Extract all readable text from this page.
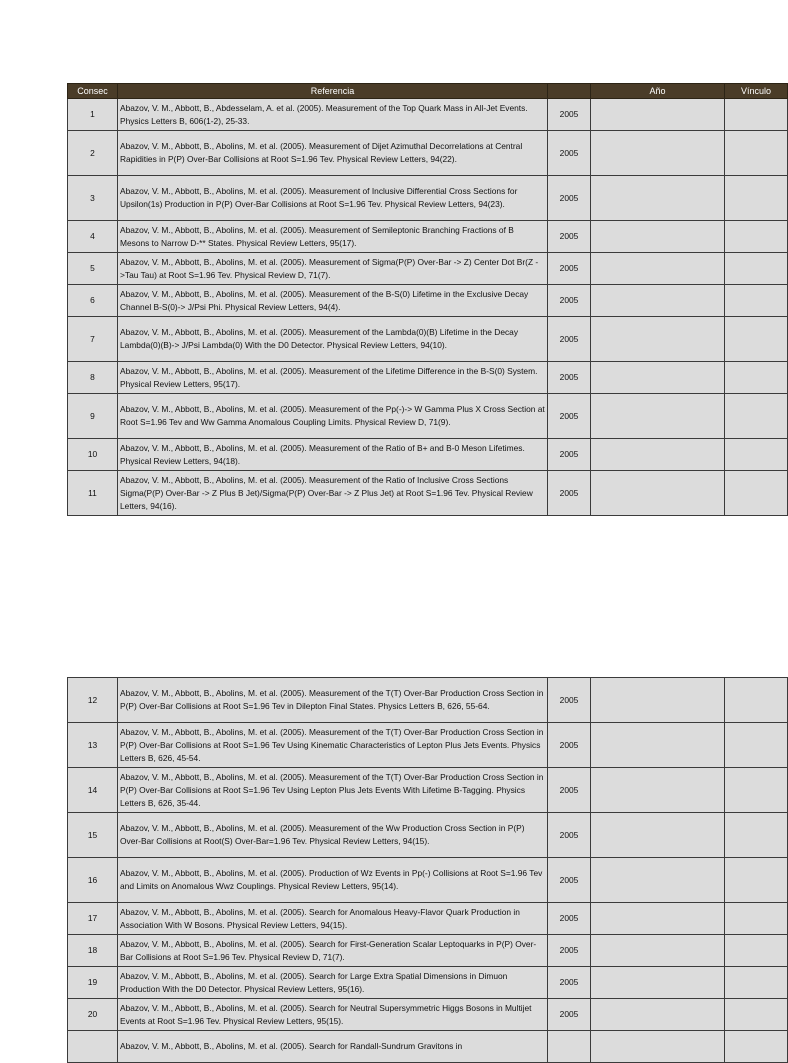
Consec	Referencia		Año	Vínculo
1	Abazov, V. M., Abbott, B., Abdesselam, A. et al. (2005). Measurement of the Top Quark Mass in All-Jet Events. Physics Letters B, 606(1-2), 25-33.	2005		
2	Abazov, V. M., Abbott, B., Abolins, M. et al. (2005). Measurement of Dijet Azimuthal Decorrelations at Central Rapidities in P(P) Over-Bar Collisions at Root S=1.96 Tev. Physical Review Letters, 94(22).	2005		
3	Abazov, V. M., Abbott, B., Abolins, M. et al. (2005). Measurement of Inclusive Differential Cross Sections for Upsilon(1s) Production in P(P) Over-Bar Collisions at Root S=1.96 Tev. Physical Review Letters, 94(23).	2005		
4	Abazov, V. M., Abbott, B., Abolins, M. et al. (2005). Measurement of Semileptonic Branching Fractions of B Mesons to Narrow D-** States. Physical Review Letters, 95(17).	2005		
5	Abazov, V. M., Abbott, B., Abolins, M. et al. (2005). Measurement of Sigma(P(P) Over-Bar -> Z) Center Dot Br(Z ->Tau Tau) at Root S=1.96 Tev. Physical Review D, 71(7).	2005		
6	Abazov, V. M., Abbott, B., Abolins, M. et al. (2005). Measurement of the B-S(0) Lifetime in the Exclusive Decay Channel B-S(0)-> J/Psi Phi. Physical Review Letters, 94(4).	2005		
7	Abazov, V. M., Abbott, B., Abolins, M. et al. (2005). Measurement of the Lambda(0)(B) Lifetime in the Decay Lambda(0)(B)-> J/Psi Lambda(0) With the D0 Detector. Physical Review Letters, 94(10).	2005		
8	Abazov, V. M., Abbott, B., Abolins, M. et al. (2005). Measurement of the Lifetime Difference in the B-S(0) System. Physical Review Letters, 95(17).	2005		
9	Abazov, V. M., Abbott, B., Abolins, M. et al. (2005). Measurement of the Pp(-)-> W Gamma Plus X Cross Section at Root S=1.96 Tev and Ww Gamma Anomalous Coupling Limits. Physical Review D, 71(9).	2005		
10	Abazov, V. M., Abbott, B., Abolins, M. et al. (2005). Measurement of the Ratio of B+ and B-0 Meson Lifetimes. Physical Review Letters, 94(18).	2005		
11	Abazov, V. M., Abbott, B., Abolins, M. et al. (2005). Measurement of the Ratio of Inclusive Cross Sections Sigma(P(P) Over-Bar -> Z Plus B Jet)/Sigma(P(P) Over-Bar -> Z Plus Jet) at Root S=1.96 Tev. Physical Review Letters, 94(16).	2005		
12	Abazov, V. M., Abbott, B., Abolins, M. et al. (2005). Measurement of the T(T) Over-Bar Production Cross Section in P(P) Over-Bar Collisions at Root S=1.96 Tev in Dilepton Final States. Physics Letters B, 626, 55-64.	2005		
13	Abazov, V. M., Abbott, B., Abolins, M. et al. (2005). Measurement of the T(T) Over-Bar Production Cross Section in P(P) Over-Bar Collisions at Root S=1.96 Tev Using Kinematic Characteristics of Lepton Plus Jets Events. Physics Letters B, 626, 45-54.	2005		
14	Abazov, V. M., Abbott, B., Abolins, M. et al. (2005). Measurement of the T(T) Over-Bar Production Cross Section in P(P) Over-Bar Collisions at Root S=1.96 Tev Using Lepton Plus Jets Events With Lifetime B-Tagging. Physics Letters B, 626, 35-44.	2005		
15	Abazov, V. M., Abbott, B., Abolins, M. et al. (2005). Measurement of the Ww Production Cross Section in P(P) Over-Bar Collisions at Root(S) Over-Bar=1.96 Tev. Physical Review Letters, 94(15).	2005		
16	Abazov, V. M., Abbott, B., Abolins, M. et al. (2005). Production of Wz Events in Pp(-) Collisions at Root S=1.96 Tev and Limits on Anomalous Wwz Couplings. Physical Review Letters, 95(14).	2005		
17	Abazov, V. M., Abbott, B., Abolins, M. et al. (2005). Search for Anomalous Heavy-Flavor Quark Production in Association With W Bosons. Physical Review Letters, 94(15).	2005		
18	Abazov, V. M., Abbott, B., Abolins, M. et al. (2005). Search for First-Generation Scalar Leptoquarks in P(P) Over-Bar Collisions at Root S=1.96 Tev. Physical Review D, 71(7).	2005		
19	Abazov, V. M., Abbott, B., Abolins, M. et al. (2005). Search for Large Extra Spatial Dimensions in Dimuon Production With the D0 Detector. Physical Review Letters, 95(16).	2005		
20	Abazov, V. M., Abbott, B., Abolins, M. et al. (2005). Search for Neutral Supersymmetric Higgs Bosons in Multijet Events at Root S=1.96 Tev. Physical Review Letters, 95(15).	2005		
	Abazov, V. M., Abbott, B., Abolins, M. et al. (2005). Search for Randall-Sundrum Gravitons in			
